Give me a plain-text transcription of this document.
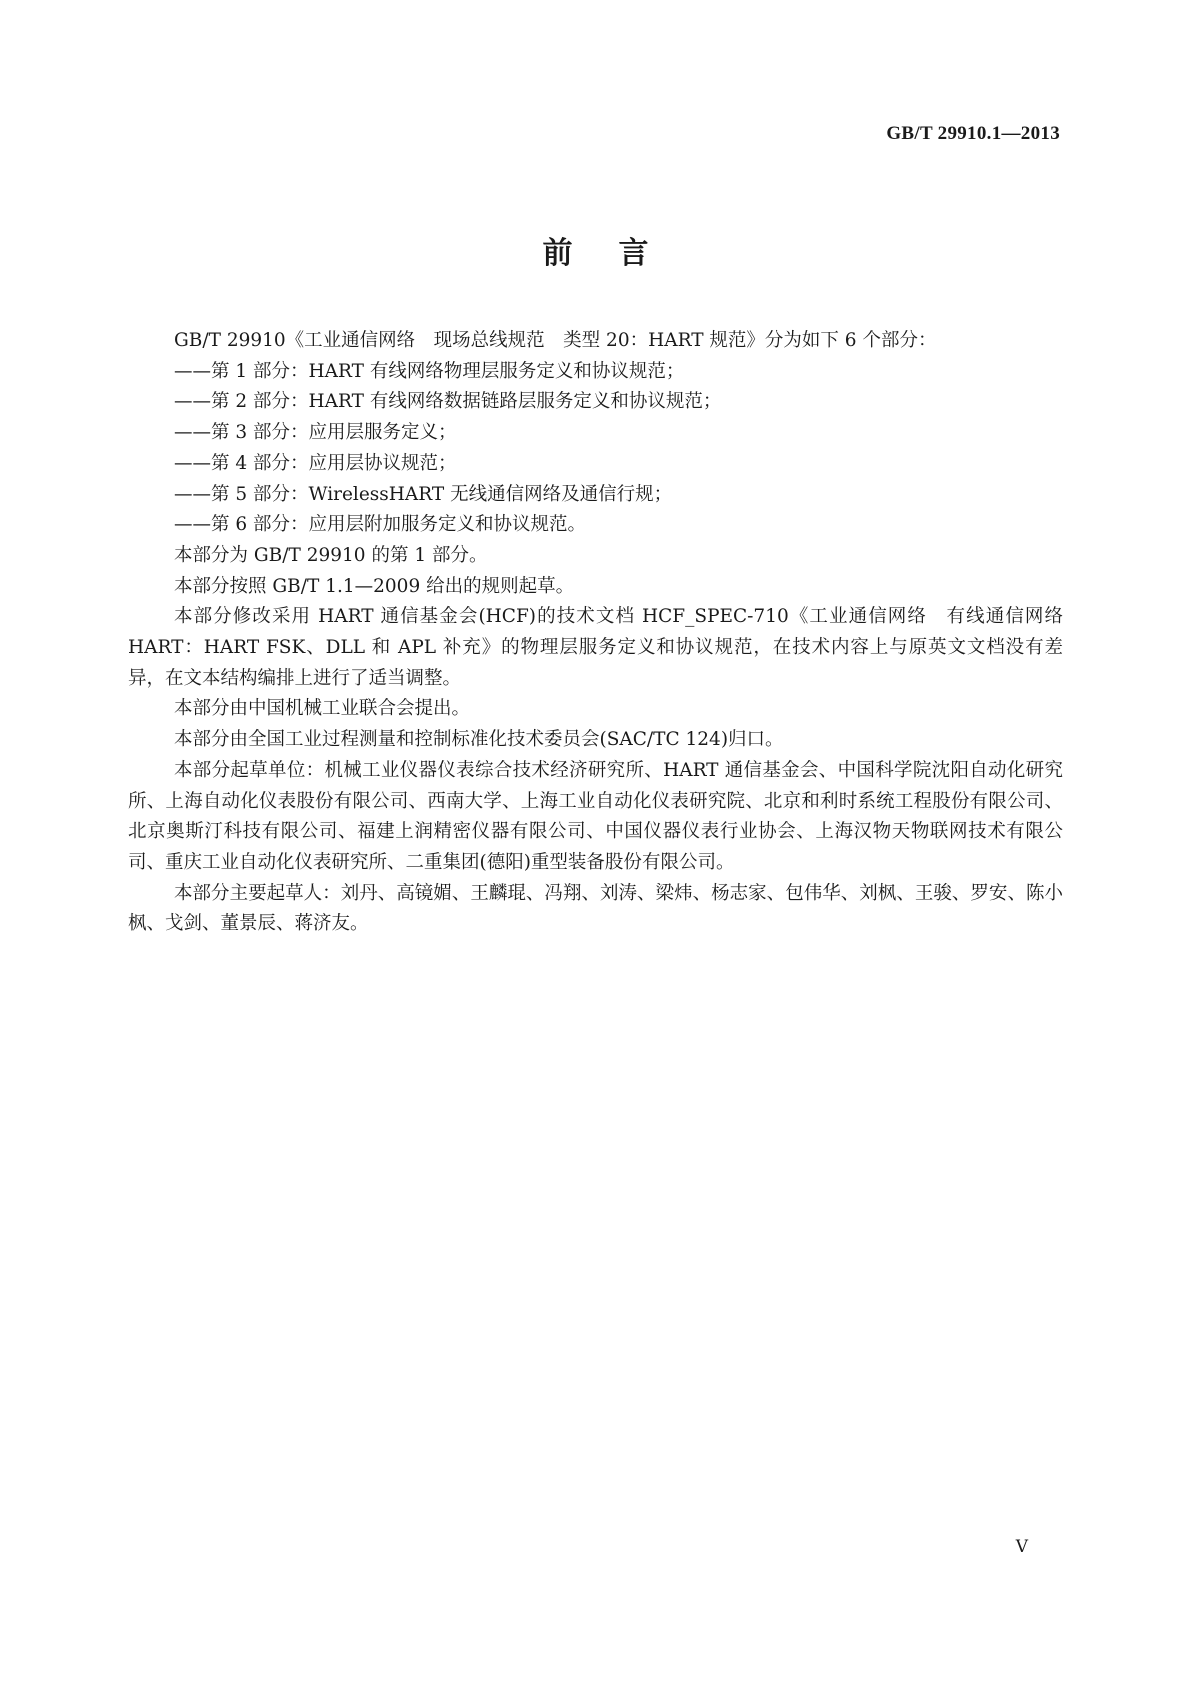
GB/T 29910.1—2013
前言

GB/T 29910《工业通信网络　现场总线规范　类型 20：HART 规范》分为如下 6 个部分：

——第 1 部分：HART 有线网络物理层服务定义和协议规范；

——第 2 部分：HART 有线网络数据链路层服务定义和协议规范；

——第 3 部分：应用层服务定义；

——第 4 部分：应用层协议规范；

——第 5 部分：WirelessHART 无线通信网络及通信行规；

——第 6 部分：应用层附加服务定义和协议规范。

本部分为 GB/T 29910 的第 1 部分。

本部分按照 GB/T 1.1—2009 给出的规则起草。

本部分修改采用 HART 通信基金会(HCF)的技术文档 HCF_SPEC-710《工业通信网络　有线通信网络　HART：HART FSK、DLL 和 APL 补充》的物理层服务定义和协议规范，在技术内容上与原英文文档没有差异，在文本结构编排上进行了适当调整。

本部分由中国机械工业联合会提出。

本部分由全国工业过程测量和控制标准化技术委员会(SAC/TC 124)归口。

本部分起草单位：机械工业仪器仪表综合技术经济研究所、HART 通信基金会、中国科学院沈阳自动化研究所、上海自动化仪表股份有限公司、西南大学、上海工业自动化仪表研究院、北京和利时系统工程股份有限公司、北京奥斯汀科技有限公司、福建上润精密仪器有限公司、中国仪器仪表行业协会、上海汉物天物联网技术有限公司、重庆工业自动化仪表研究所、二重集团(德阳)重型装备股份有限公司。

本部分主要起草人：刘丹、高镜媚、王麟琨、冯翔、刘涛、梁炜、杨志家、包伟华、刘枫、王骏、罗安、陈小枫、戈剑、董景辰、蒋济友。

Ⅴ
